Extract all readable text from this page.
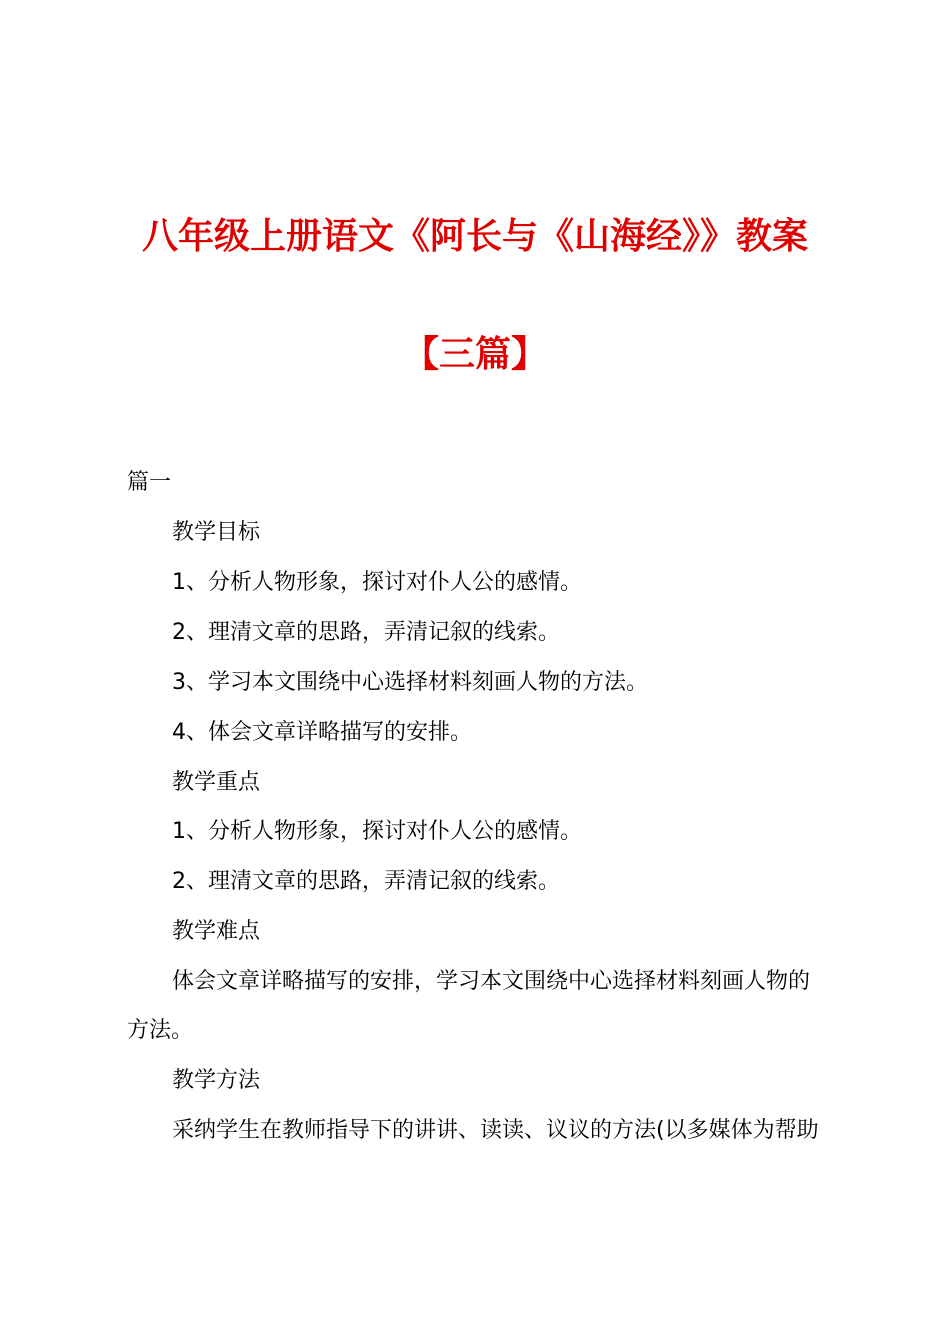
八年级上册语文《阿长与《山海经》》教案
【三篇】

篇一

教学目标

1、分析人物形象，探讨对仆人公的感情。

2、理清文章的思路，弄清记叙的线索。

3、学习本文围绕中心选择材料刻画人物的方法。

4、体会文章详略描写的安排。

教学重点

1、分析人物形象，探讨对仆人公的感情。

2、理清文章的思路，弄清记叙的线索。

教学难点

体会文章详略描写的安排，学习本文围绕中心选择材料刻画人物的

方法。

教学方法

采纳学生在教师指导下的讲讲、读读、议议的方法(以多媒体为帮助
